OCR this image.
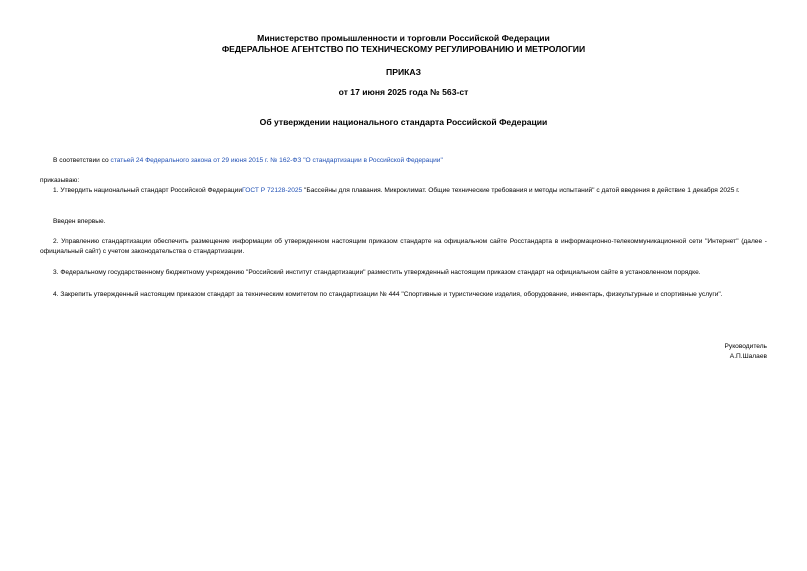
Министерство промышленности и торговли Российской Федерации
ФЕДЕРАЛЬНОЕ АГЕНТСТВО ПО ТЕХНИЧЕСКОМУ РЕГУЛИРОВАНИЮ И МЕТРОЛОГИИ
ПРИКАЗ
от 17 июня 2025 года № 563-ст
Об утверждении национального стандарта Российской Федерации
В соответствии со статьей 24 Федерального закона от 29 июня 2015 г. № 162-ФЗ "О стандартизации в Российской Федерации"
приказываю:
1. Утвердить национальный стандарт Российской ФедерацииГОСТ Р 72128-2025 "Бассейны для плавания. Микроклимат. Общие технические требования и методы испытаний" с датой введения в действие 1 декабря 2025 г.
Введен впервые.
2. Управлению стандартизации обеспечить размещение информации об утвержденном настоящим приказом стандарте на официальном сайте Росстандарта в информационно-телекоммуникационной сети "Интернет" (далее - официальный сайт) с учетом законодательства о стандартизации.
3. Федеральному государственному бюджетному учреждению "Российский институт стандартизации" разместить утвержденный настоящим приказом стандарт на официальном сайте в установленном порядке.
4. Закрепить утвержденный настоящим приказом стандарт за техническим комитетом по стандартизации № 444 "Спортивные и туристические изделия, оборудование, инвентарь, физкультурные и спортивные услуги".
Руководитель
А.П.Шалаев
